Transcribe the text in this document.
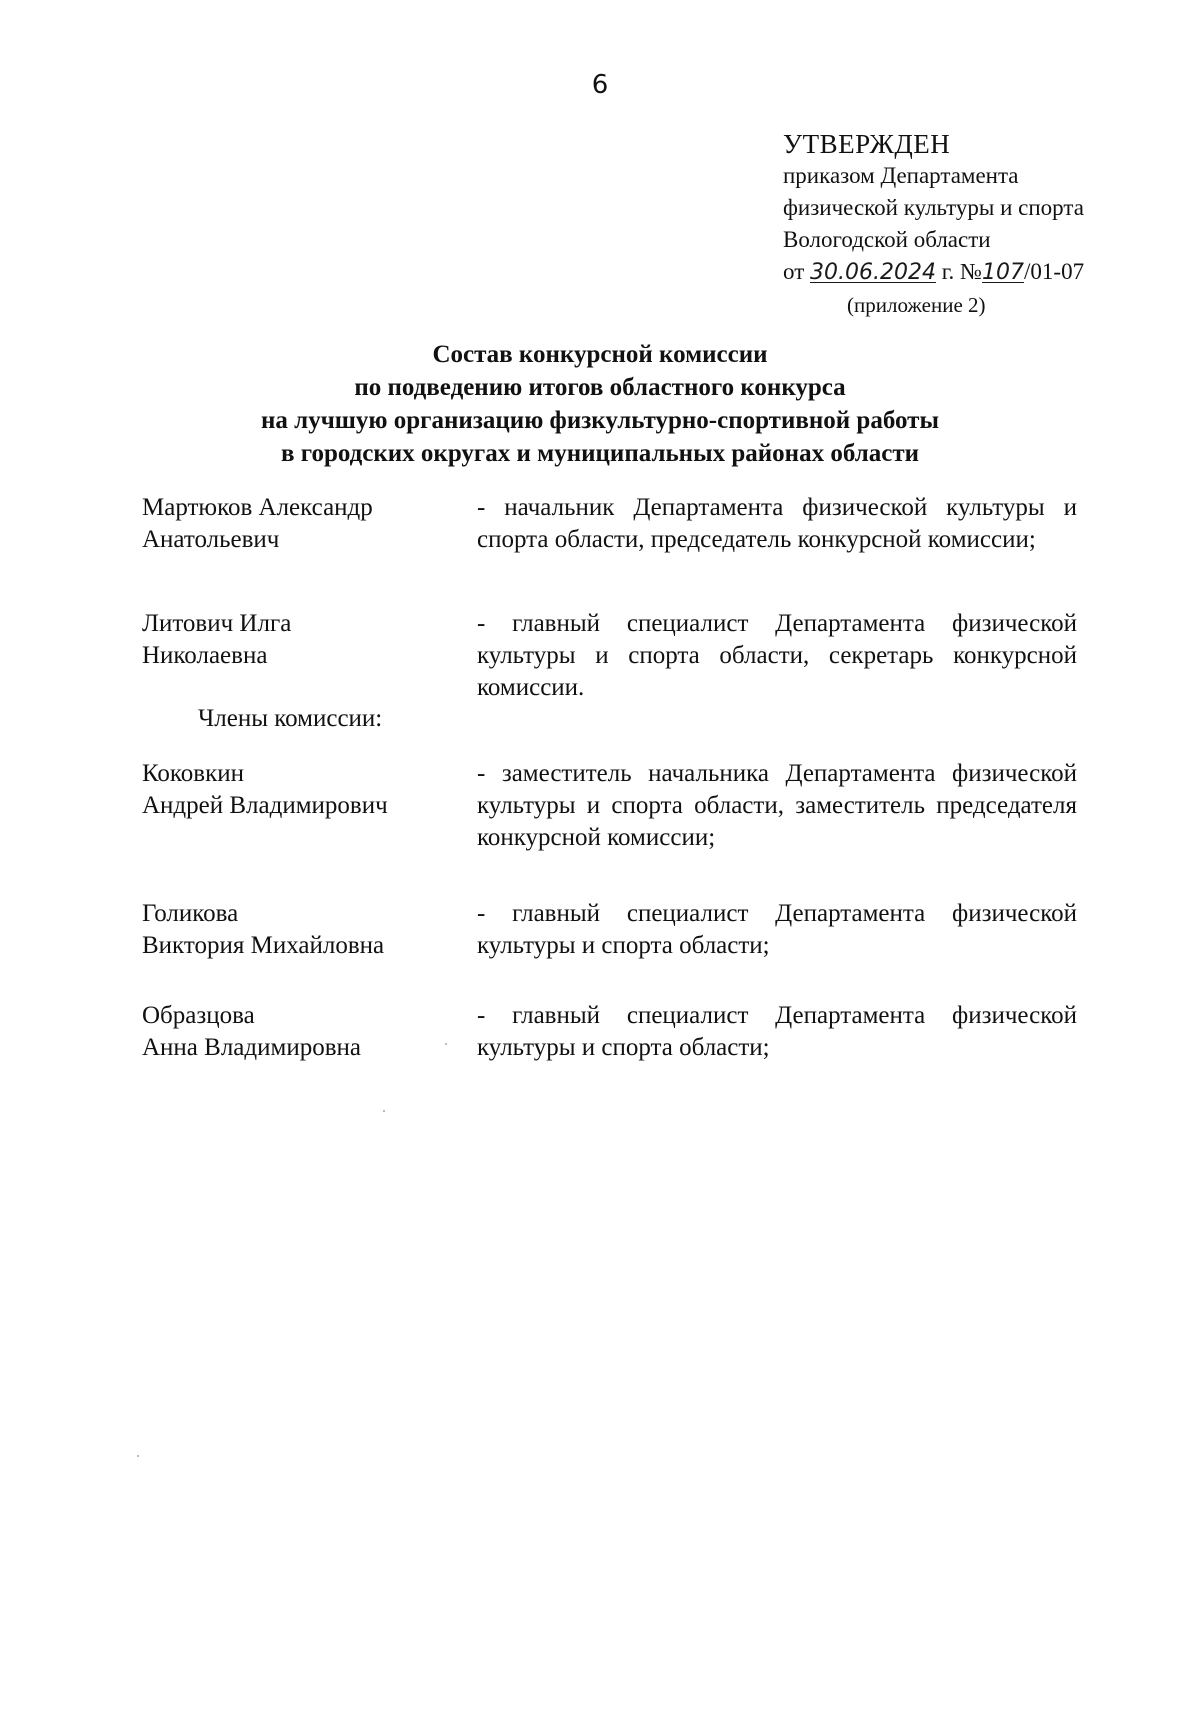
6
УТВЕРЖДЕН
приказом Департамента
физической культуры и спорта
Вологодской области
от 30.06.2024 г. №107/01-07
(приложение 2)
Состав конкурсной комиссии
по подведению итогов областного конкурса
на лучшую организацию физкультурно-спортивной работы
в городских округах и муниципальных районах области
Мартюков Александр
Анатольевич
- начальник Департамента физической культуры и спорта области, председатель конкурсной комиссии;
Литович Илга
Николаевна
- главный специалист Департамента физической культуры и спорта области, секретарь конкурсной комиссии.
Члены комиссии:
Коковкин
Андрей Владимирович
- заместитель начальника Департамента физической культуры и спорта области, заместитель председателя конкурсной комиссии;
Голикова
Виктория Михайловна
- главный специалист Департамента физической культуры и спорта области;
Образцова
Анна Владимировна
- главный специалист Департамента физической культуры и спорта области;
